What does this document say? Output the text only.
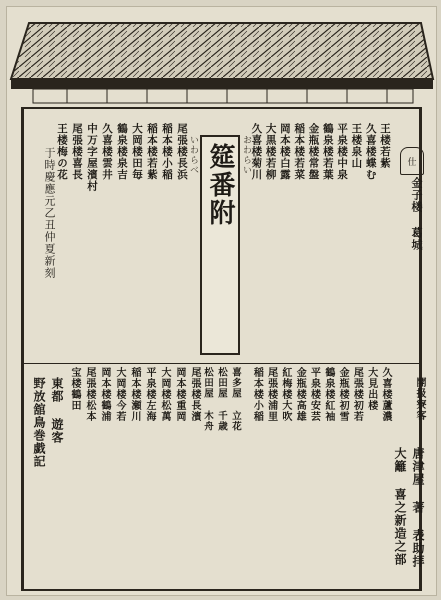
于時慶應元乙丑仲夏新刻
東都 遊客
野放舘鳥巻戯記
仕
金子楼 葛城
開扱寮客
唐津屋 著 表助拝
大籬 喜之新造之部
筵番附 おわらい
いわらべ	王楼若紫
久喜楼蝶む
王楼泉山
平泉楼中泉
鶴泉楼若葉
金瓶楼常盤
稲本楼若菜
岡本楼白露
大黒楼若柳
久喜楼菊川
尾張楼長浜
稲本楼小稲
稲本楼若紫
大岡楼田毎
鶴泉楼泉吉
久喜楼雲井
中万字屋濱村
尾張楼喜長
王楼梅の花
久喜楼蘆濃
大見出楼
尾張楼初若
金瓶楼初雪
鶴泉楼紅袖
平泉楼安芸
金瓶楼高雄
紅梅楼大吹
尾張楼浦里
稲本楼小稲
喜多屋 立花
松田屋 千歳
松田屋 木舟
尾張楼長濱
岡本楼重岡
大岡楼松萬
平泉楼左海
稲本楼瀬川
大岡楼今若
岡本楼鶴浦
尾張楼松本
宝楼鶴田
